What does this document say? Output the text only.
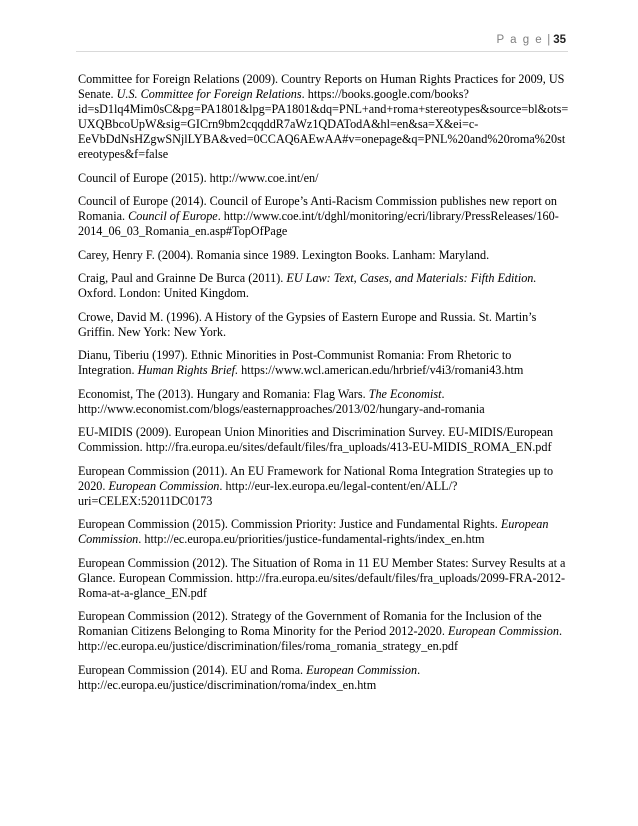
P a g e | 35

Committee for Foreign Relations (2009). Country Reports on Human Rights Practices for 2009, US Senate. U.S. Committee for Foreign Relations. https://books.google.com/books?id=sD1lq4Mim0sC&pg=PA1801&lpg=PA1801&dq=PNL+and+roma+stereotypes&source=bl&ots=UXQBbcoUpW&sig=GICrn9bm2cqqddR7aWz1QDATodA&hl=en&sa=X&ei=c-EeVbDdNsHZgwSNjlLYBA&ved=0CCAQ6AEwAA#v=onepage&q=PNL%20and%20roma%20stereotypes&f=false

Council of Europe (2015). http://www.coe.int/en/

Council of Europe (2014). Council of Europe’s Anti-Racism Commission publishes new report on Romania. Council of Europe. http://www.coe.int/t/dghl/monitoring/ecri/library/PressReleases/160-2014_06_03_Romania_en.asp#TopOfPage

Carey, Henry F. (2004). Romania since 1989. Lexington Books. Lanham: Maryland.

Craig, Paul and Grainne De Burca (2011). EU Law: Text, Cases, and Materials: Fifth Edition. Oxford. London: United Kingdom.

Crowe, David M. (1996). A History of the Gypsies of Eastern Europe and Russia. St. Martin’s Griffin. New York: New York.

Dianu, Tiberiu (1997). Ethnic Minorities in Post-Communist Romania: From Rhetoric to Integration. Human Rights Brief. https://www.wcl.american.edu/hrbrief/v4i3/romani43.htm

Economist, The (2013). Hungary and Romania: Flag Wars. The Economist. http://www.economist.com/blogs/easternapproaches/2013/02/hungary-and-romania

EU-MIDIS (2009). European Union Minorities and Discrimination Survey. EU-MIDIS/European Commission. http://fra.europa.eu/sites/default/files/fra_uploads/413-EU-MIDIS_ROMA_EN.pdf

European Commission (2011). An EU Framework for National Roma Integration Strategies up to 2020. European Commission. http://eur-lex.europa.eu/legal-content/en/ALL/?uri=CELEX:52011DC0173

European Commission (2015). Commission Priority: Justice and Fundamental Rights. European Commission. http://ec.europa.eu/priorities/justice-fundamental-rights/index_en.htm

European Commission (2012). The Situation of Roma in 11 EU Member States: Survey Results at a Glance. European Commission. http://fra.europa.eu/sites/default/files/fra_uploads/2099-FRA-2012-Roma-at-a-glance_EN.pdf

European Commission (2012). Strategy of the Government of Romania for the Inclusion of the Romanian Citizens Belonging to Roma Minority for the Period 2012-2020. European Commission. http://ec.europa.eu/justice/discrimination/files/roma_romania_strategy_en.pdf

European Commission (2014). EU and Roma. European Commission. http://ec.europa.eu/justice/discrimination/roma/index_en.htm
